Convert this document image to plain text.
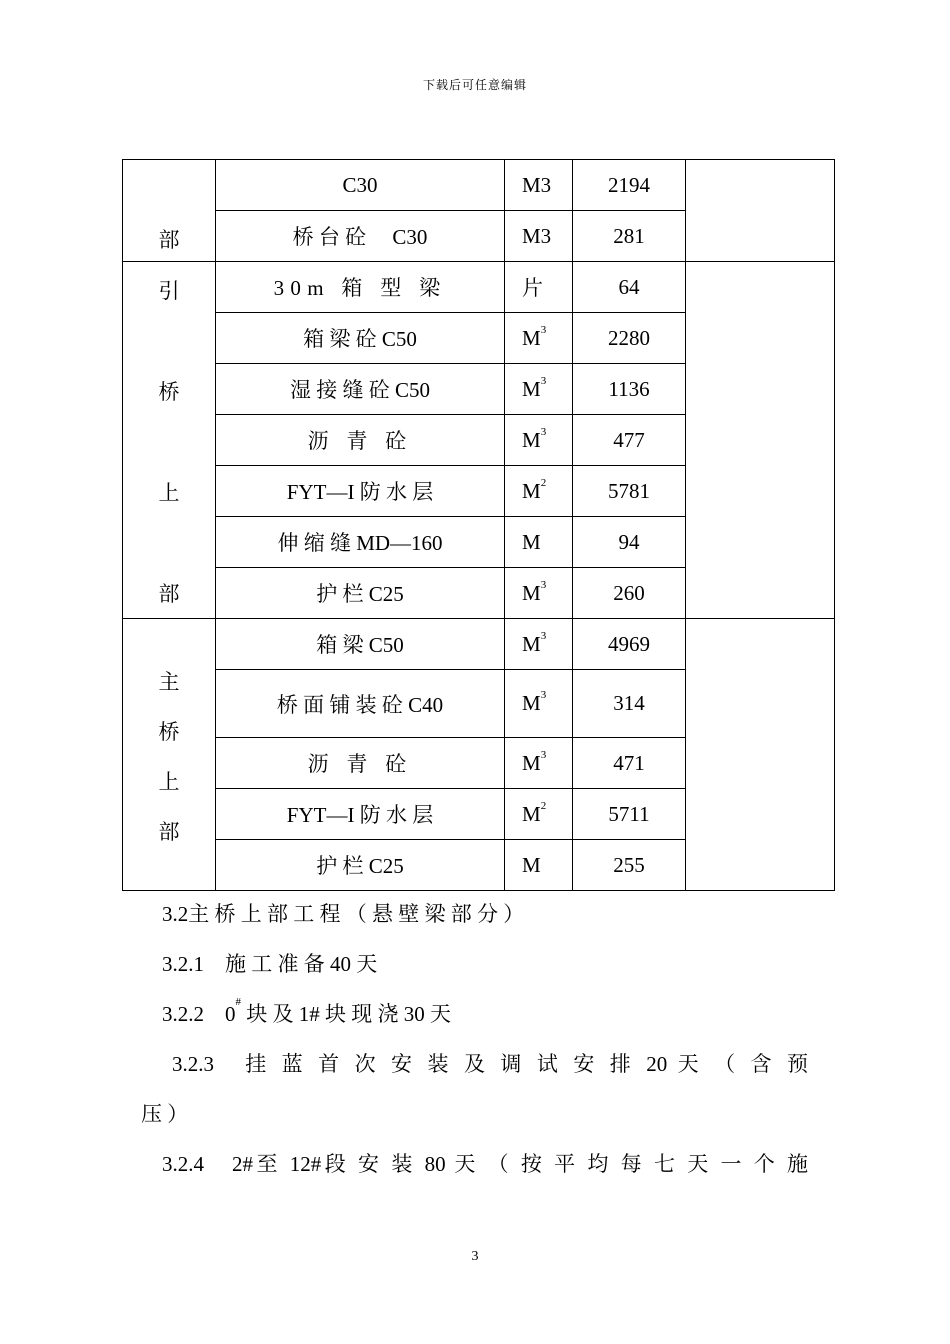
下载后可任意编辑
部	C30	M3	2194	
	桥 台 砼 　C30	M3	281	

引
桥
上
部	30m 箱 型 梁	片	64	
	箱 梁 砼 C50	$M^3$	2280	
	湿 接 缝 砼 C50	$M^3$	1136	
	沥 青 砼	$M^3$	477	
	FYT—I 防 水 层	$M^2$	5781	
	伸 缩 缝 MD—160	M	94	
	护 栏 C25	$M^3$	260	

主
桥
上
部	箱 梁 C50	$M^3$	4969	
	桥 面 铺 装 砼 C40	$M^3$	314	
	沥 青 砼	$M^3$	471	
	FYT—I 防 水 层	$M^2$	5711	
	护 栏 C25	M	255	
3.2主 桥 上 部 工 程 （ 悬 壁 梁 部 分 ）
3.2.1　施 工 准 备 40 天
3.2.2　0# 块 及 1# 块 现 浇 30 天
3.2.3　挂 蓝 首 次 安 装 及 调 试 安 排 20 天 （ 含 预
压 ）
3.2.4　2#至 12#段 安 装 80 天 （ 按 平 均 每 七 天 一 个 施
3
